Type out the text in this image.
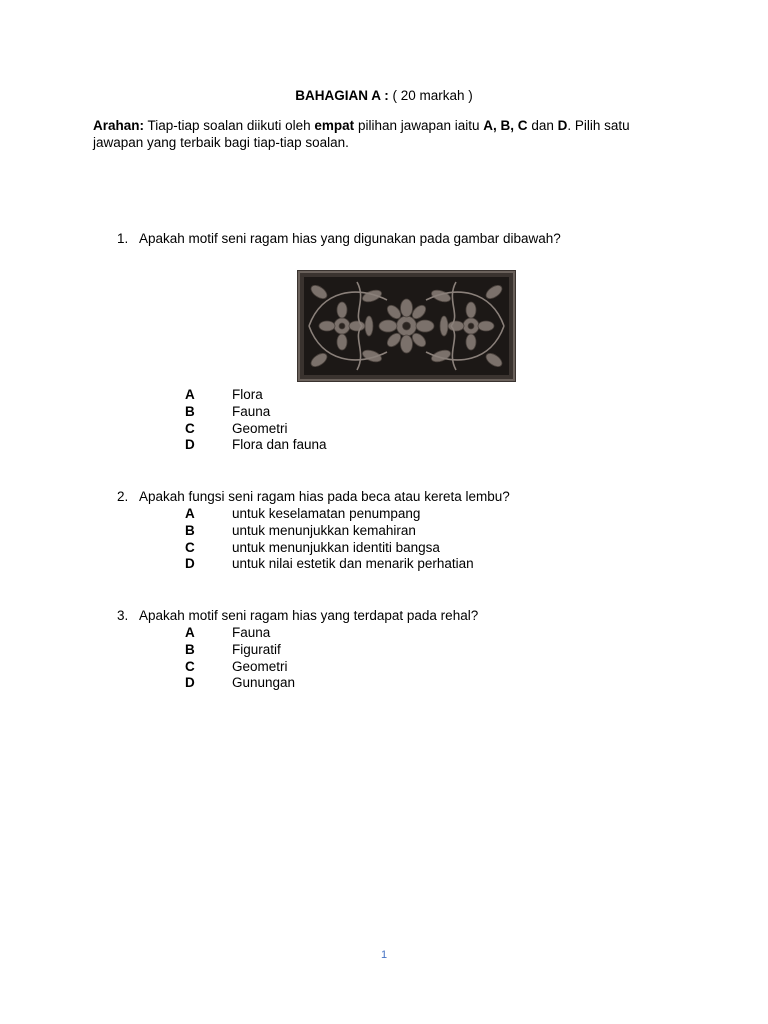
BAHAGIAN A : ( 20 markah )
Arahan: Tiap-tiap soalan diikuti oleh empat pilihan jawapan iaitu A, B, C dan D. Pilih satu jawapan yang terbaik bagi tiap-tiap soalan.
1. Apakah motif seni ragam hias yang digunakan pada gambar dibawah?
A	Flora
B	Fauna
C	Geometri
D	Flora dan fauna
2. Apakah fungsi seni ragam hias pada beca atau kereta lembu?
A	untuk keselamatan penumpang
B	untuk menunjukkan kemahiran
C	untuk menunjukkan identiti bangsa
D	untuk nilai estetik dan menarik perhatian
3. Apakah motif seni ragam hias yang terdapat pada rehal?
A	Fauna
B	Figuratif
C	Geometri
D	Gunungan
1
